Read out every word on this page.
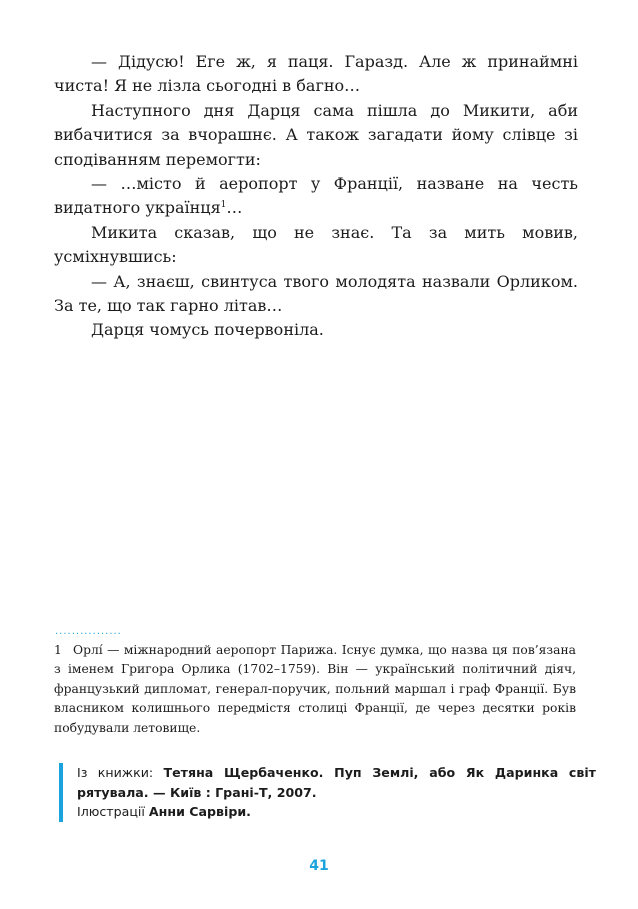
— Дідусю! Еге ж, я паця. Гаразд. Але ж принаймні чиста! Я не лізла сьогодні в багно…

Наступного дня Дарця сама пішла до Микити, аби вибачитися за вчорашнє. А також загадати йому слівце зі сподіванням перемогти:

— …місто й аеропорт у Франції, назване на честь видатного українця$^1$…

Микита сказав, що не знає. Та за мить мовив, усміхнувшись:

— А, знаєш, свинтуса твого молодята назвали Орликом. За те, що так гарно літав…

Дарця чомусь почервоніла.

................

1 Орлі́ — міжнародний аеропорт Парижа. Існує думка, що назва ця пов’язана з іменем Григора Орлика (1702–1759). Він — український політичний діяч, французький дипломат, генерал-поручик, польний маршал і граф Франції. Був власником колишнього передмістя столиці Франції, де через десятки років побудували летовище.

Із книжки: Тетяна Щербаченко. Пуп Землі, або Як Даринка світ рятувала. — Київ : Грані-Т, 2007.

Ілюстрації Анни Сарвіри.

41
